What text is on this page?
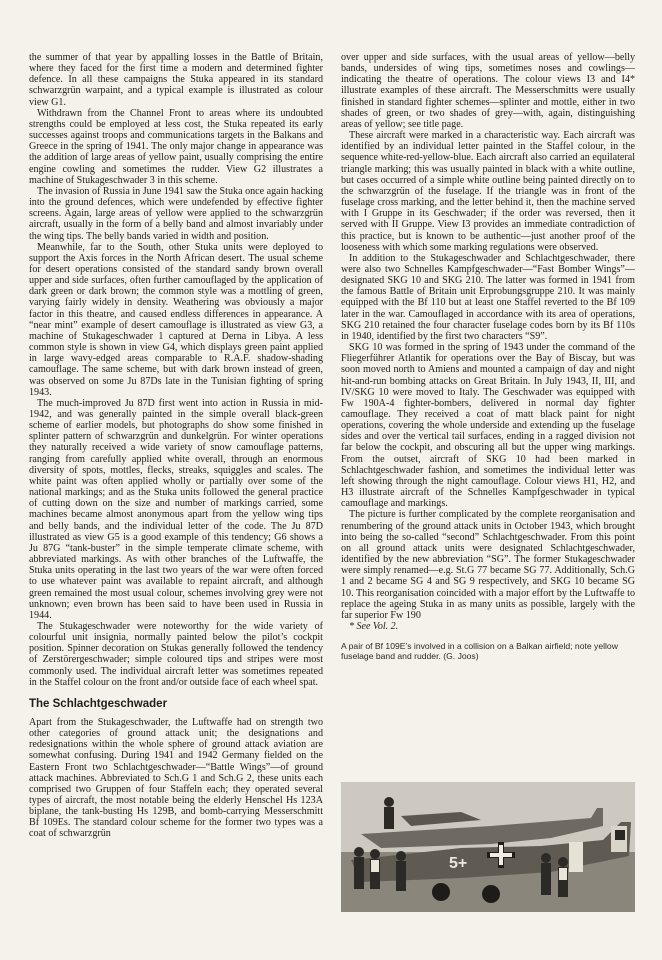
the summer of that year by appalling losses in the Battle of Britain, where they faced for the first time a modern and determined fighter defence. In all these campaigns the Stuka appeared in its standard schwarzgrün warpaint, and a typical example is illustrated as colour view G1.

Withdrawn from the Channel Front to areas where its undoubted strengths could be employed at less cost, the Stuka repeated its early successes against troops and communications targets in the Balkans and Greece in the spring of 1941. The only major change in appearance was the addition of large areas of yellow paint, usually comprising the entire engine cowling and sometimes the rudder. View G2 illustrates a machine of Stukageschwader 3 in this scheme.

The invasion of Russia in June 1941 saw the Stuka once again hacking into the ground defences, which were undefended by effective fighter screens. Again, large areas of yellow were applied to the schwarzgrün aircraft, usually in the form of a belly band and almost invariably under the wing tips. The belly bands varied in width and position.

Meanwhile, far to the South, other Stuka units were deployed to support the Axis forces in the North African desert. The usual scheme for desert operations consisted of the standard sandy brown overall upper and side surfaces, often further camouflaged by the application of dark green or dark brown; the common style was a mottling of green, varying fairly widely in density. Weathering was obviously a major factor in this theatre, and caused endless differences in appearance. A “near mint” example of desert camouflage is illustrated as view G3, a machine of Stukageschwader 1 captured at Derna in Libya. A less common style is shown in view G4, which displays green paint applied in large wavy-edged areas comparable to R.A.F. shadow-shading camouflage. The same scheme, but with dark brown instead of green, was observed on some Ju 87Ds late in the Tunisian fighting of spring 1943.

The much-improved Ju 87D first went into action in Russia in mid-1942, and was generally painted in the simple overall black-green scheme of earlier models, but photographs do show some finished in splinter pattern of schwarzgrün and dunkelgrün. For winter operations they naturally received a wide variety of snow camouflage patterns, ranging from carefully applied white overall, through an enormous diversity of spots, mottles, flecks, streaks, squiggles and scales. The white paint was often applied wholly or partially over some of the national markings; and as the Stuka units followed the general practice of cutting down on the size and number of markings carried, some machines became almost anonymous apart from the yellow wing tips and belly bands, and the individual letter of the code. The Ju 87D illustrated as view G5 is a good example of this tendency; G6 shows a Ju 87G “tank-buster” in the simple temperate climate scheme, with abbreviated markings. As with other branches of the Luftwaffe, the Stuka units operating in the last two years of the war were often forced to use whatever paint was available to repaint aircraft, and although green remained the most usual colour, schemes involving grey were not unknown; even brown has been said to have been used in Russia in 1944.

The Stukageschwader were noteworthy for the wide variety of colourful unit insignia, normally painted below the pilot’s cockpit position. Spinner decoration on Stukas generally followed the tendency of Zerstörergeschwader; simple coloured tips and stripes were most commonly used. The individual aircraft letter was sometimes repeated in the Staffel colour on the front and/or outside face of each wheel spat.

The Schlachtgeschwader

Apart from the Stukageschwader, the Luftwaffe had on strength two other categories of ground attack unit; the designations and redesignations within the whole sphere of ground attack aviation are somewhat confusing. During 1941 and 1942 Germany fielded on the Eastern Front two Schlachtgeschwader—“Battle Wings”—of ground attack machines. Abbreviated to Sch.G 1 and Sch.G 2, these units each comprised two Gruppen of four Staffeln each; they operated several types of aircraft, the most notable being the elderly Henschel Hs 123A biplane, the tank-busting Hs 129B, and bomb-carrying Messerschmitt Bf 109Es. The standard colour scheme for the former two types was a coat of schwarzgrün

over upper and side surfaces, with the usual areas of yellow—belly bands, undersides of wing tips, sometimes noses and cowlings—indicating the theatre of operations. The colour views I3 and I4* illustrate examples of these aircraft. The Messerschmitts were usually finished in standard fighter schemes—splinter and mottle, either in two shades of green, or two shades of grey—with, again, distinguishing areas of yellow; see title page.

These aircraft were marked in a characteristic way. Each aircraft was identified by an individual letter painted in the Staffel colour, in the sequence white-red-yellow-blue. Each aircraft also carried an equilateral triangle marking; this was usually painted in black with a white outline, but cases occurred of a simple white outline being painted directly on to the schwarzgrün of the fuselage. If the triangle was in front of the fuselage cross marking, and the letter behind it, then the machine served with I Gruppe in its Geschwader; if the order was reversed, then it served with II Gruppe. View I3 provides an immediate contradiction of this practice, but is known to be authentic—just another proof of the looseness with which some marking regulations were observed.

In addition to the Stukageschwader and Schlachtgeschwader, there were also two Schnelles Kampfgeschwader—“Fast Bomber Wings”—designated SKG 10 and SKG 210. The latter was formed in 1941 from the famous Battle of Britain unit Erprobungsgruppe 210. It was mainly equipped with the Bf 110 but at least one Staffel reverted to the Bf 109 later in the war. Camouflaged in accordance with its area of operations, SKG 210 retained the four character fuselage codes born by its Bf 110s in 1940, identified by the first two characters “S9”.

SKG 10 was formed in the spring of 1943 under the command of the Fliegerführer Atlantik for operations over the Bay of Biscay, but was soon moved north to Amiens and mounted a campaign of day and night hit-and-run bombing attacks on Great Britain. In July 1943, II, III, and IV/SKG 10 were moved to Italy. The Geschwader was equipped with Fw 190A-4 fighter-bombers, delivered in normal day fighter camouflage. They received a coat of matt black paint for night operations, covering the whole underside and extending up the fuselage sides and over the vertical tail surfaces, ending in a ragged division not far below the cockpit, and obscuring all but the upper wing markings. From the outset, aircraft of SKG 10 had been marked in Schlachtgeschwader fashion, and sometimes the individual letter was left showing through the night camouflage. Colour views H1, H2, and H3 illustrate aircraft of the Schnelles Kampfgeschwader in typical camouflage and markings.

The picture is further complicated by the complete reorganisation and renumbering of the ground attack units in October 1943, which brought into being the so-called “second” Schlachtgeschwader. From this point on all ground attack units were designated Schlachtgeschwader, identified by the new abbreviation “SG”. The former Stukageschwader were simply renamed—e.g. St.G 77 became SG 77. Additionally, Sch.G 1 and 2 became SG 4 and SG 9 respectively, and SKG 10 became SG 10. This reorganisation coincided with a major effort by the Luftwaffe to replace the ageing Stuka in as many units as possible, largely with the far superior Fw 190

* See Vol. 2.

A pair of Bf 109E’s involved in a collision on a Balkan airfield; note yellow fuselage band and rudder. (G. Joos)
5+
